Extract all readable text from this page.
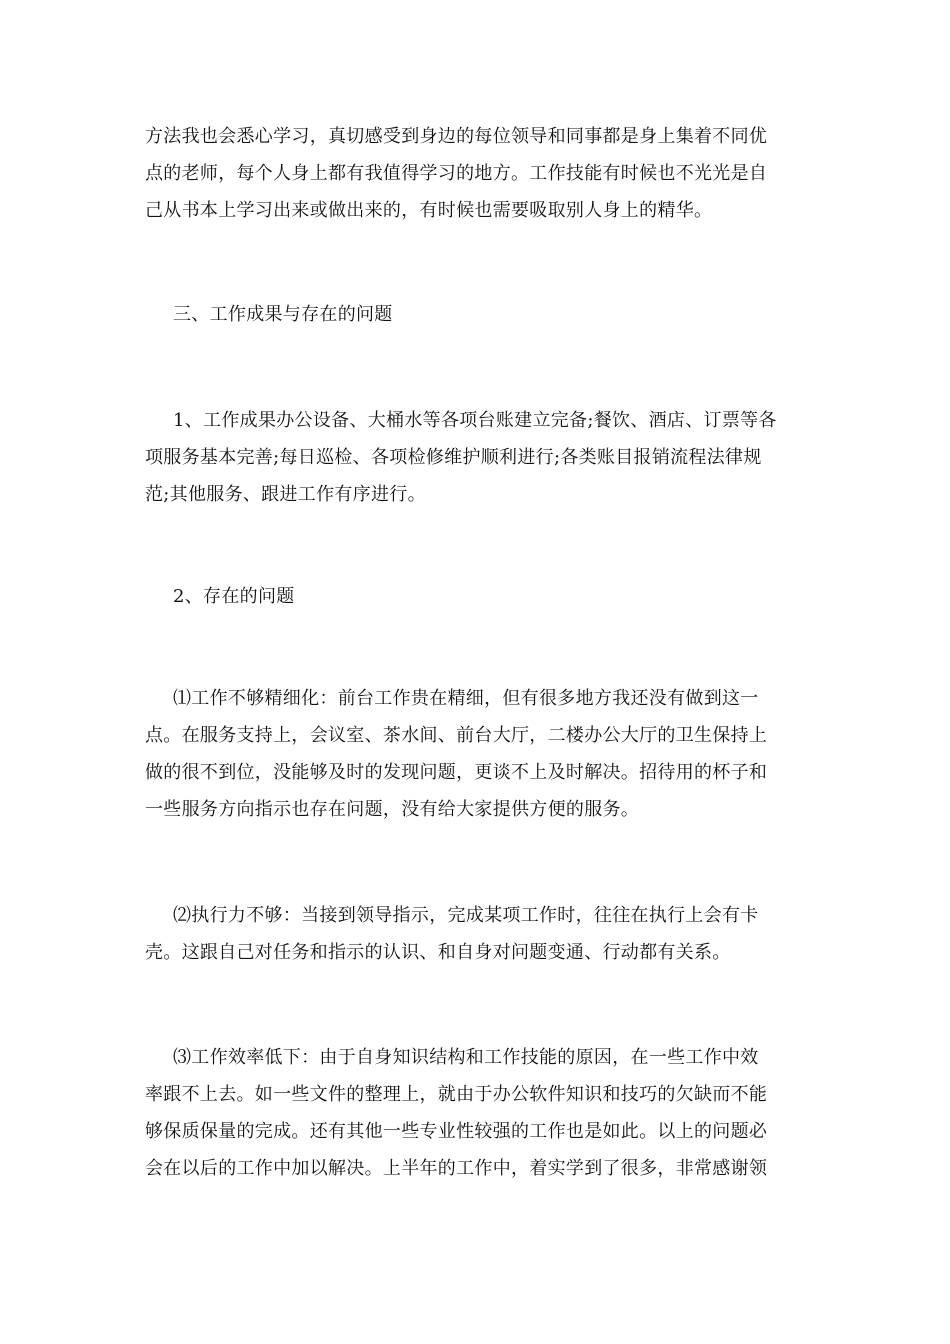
方法我也会悉心学习，真切感受到身边的每位领导和同事都是身上集着不同优
点的老师，每个人身上都有我值得学习的地方。工作技能有时候也不光光是自
己从书本上学习出来或做出来的，有时候也需要吸取别人身上的精华。
三、工作成果与存在的问题
1、工作成果办公设备、大桶水等各项台账建立完备;餐饮、酒店、订票等各
项服务基本完善;每日巡检、各项检修维护顺利进行;各类账目报销流程法律规
范;其他服务、跟进工作有序进行。
2、存在的问题
⑴工作不够精细化：前台工作贵在精细，但有很多地方我还没有做到这一
点。在服务支持上，会议室、茶水间、前台大厅，二楼办公大厅的卫生保持上
做的很不到位，没能够及时的发现问题，更谈不上及时解决。招待用的杯子和
一些服务方向指示也存在问题，没有给大家提供方便的服务。
⑵执行力不够：当接到领导指示，完成某项工作时，往往在执行上会有卡
壳。这跟自己对任务和指示的认识、和自身对问题变通、行动都有关系。
⑶工作效率低下：由于自身知识结构和工作技能的原因，在一些工作中效
率跟不上去。如一些文件的整理上，就由于办公软件知识和技巧的欠缺而不能
够保质保量的完成。还有其他一些专业性较强的工作也是如此。以上的问题必
会在以后的工作中加以解决。上半年的工作中，着实学到了很多，非常感谢领
